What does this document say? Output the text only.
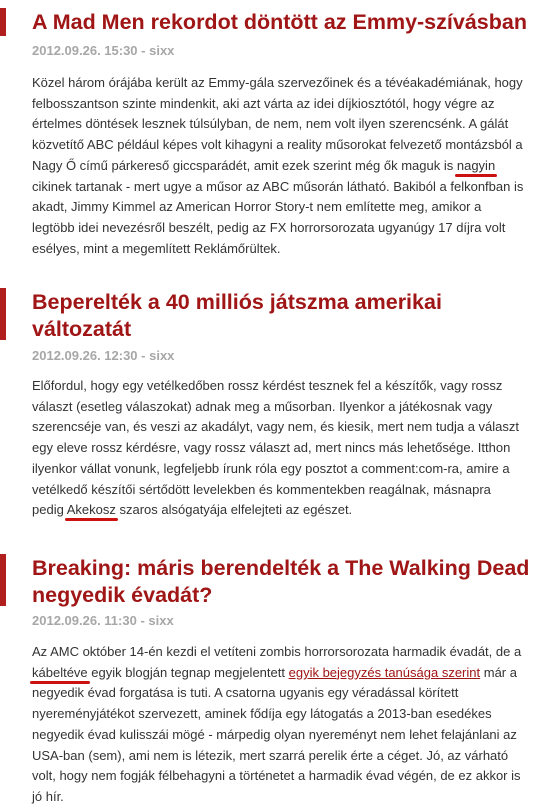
A Mad Men rekordot döntött az Emmy-szívásban
2012.09.26. 15:30 - sixx

Közel három órájába került az Emmy-gála szervezőinek és a tévéakadémiának, hogy felbosszantson szinte mindenkit, aki azt várta az idei díjkiosztótól, hogy végre az értelmes döntések lesznek túlsúlyban, de nem, nem volt ilyen szerencsénk. A gálát közvetítő ABC például képes volt kihagyni a reality műsorokat felvezető montázsból a Nagy Ő című párkereső giccsparádét, amit ezek szerint még ők maguk is nagyin cikinek tartanak - mert ugye a műsor az ABC műsorán látható. Bakiból a felkonfban is akadt, Jimmy Kimmel az American Horror Story-t nem említette meg, amikor a legtöbb idei nevezésről beszélt, pedig az FX horrorsorozata ugyanúgy 17 díjra volt esélyes, mint a megemlített Reklámőrültek.

Beperelték a 40 milliós játszma amerikai változatát
2012.09.26. 12:30 - sixx

Előfordul, hogy egy vetélkedőben rossz kérdést tesznek fel a készítők, vagy rossz választ (esetleg válaszokat) adnak meg a műsorban. Ilyenkor a játékosnak vagy szerencséje van, és veszi az akadályt, vagy nem, és kiesik, mert nem tudja a választ egy eleve rossz kérdésre, vagy rossz választ ad, mert nincs más lehetősége. Itthon ilyenkor vállat vonunk, legfeljebb írunk róla egy posztot a comment:com-ra, amire a vetélkedő készítői sértődött levelekben és kommentekben reagálnak, másnapra pedig Akekosz szaros alsógatyája elfelejteti az egészet.

Breaking: máris berendelték a The Walking Dead negyedik évadát?
2012.09.26. 11:30 - sixx

Az AMC október 14-én kezdi el vetíteni zombis horrorsorozata harmadik évadát, de a kábeltéve egyik blogján tegnap megjelentett egyik bejegyzés tanúsága szerint már a negyedik évad forgatása is tuti. A csatorna ugyanis egy véradással körített nyereményjátékot szervezett, aminek fődíja egy látogatás a 2013-ban esedékes negyedik évad kulisszái mögé - márpedig olyan nyereményt nem lehet felajánlani az USA-ban (sem), ami nem is létezik, mert szarrá perelik érte a céget. Jó, az várható volt, hogy nem fogják félbehagyni a történetet a harmadik évad végén, de ez akkor is jó hír.
